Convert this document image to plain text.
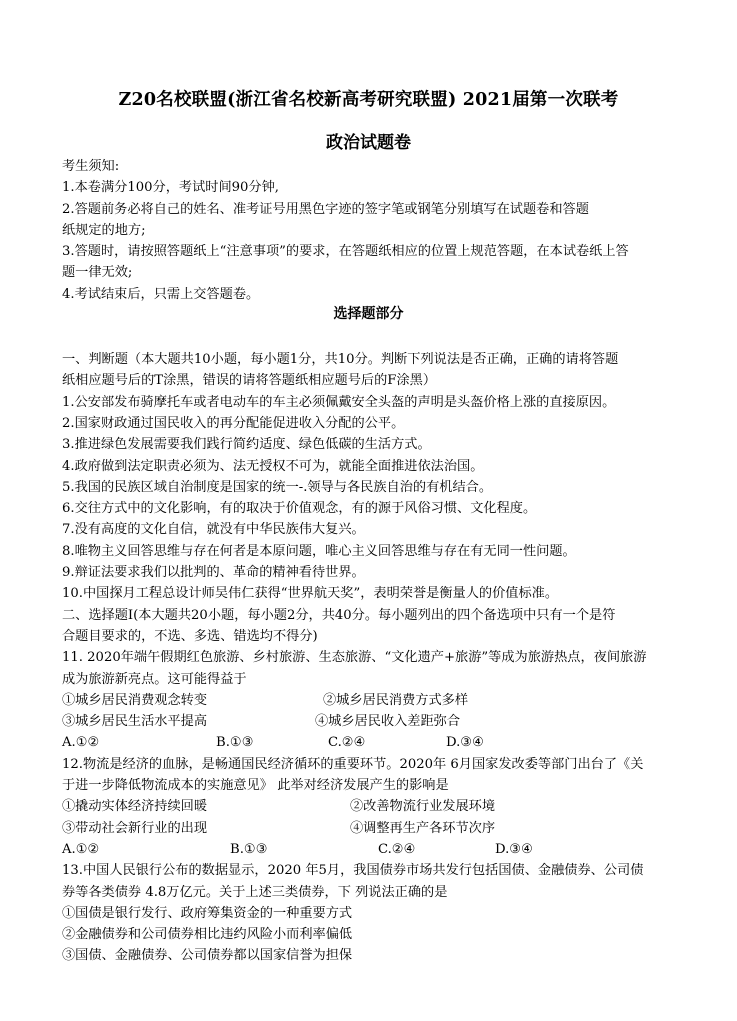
Z20名校联盟(浙江省名校新高考研究联盟) 2021届第一次联考
政治试题卷

考生须知:

1.本卷满分100分，考试时间90分钟,

2.答题前务必将自己的姓名、准考证号用黑色字迹的签字笔或钢笔分别填写在试题卷和答题

纸规定的地方;

3.答题时，请按照答题纸上“注意事项”的要求，在答题纸相应的位置上规范答题，在本试卷纸上答

题一律无效;

4.考试结束后，只需上交答题卷。

一、判断题（本大题共10小题，每小题1分，共10分。判断下列说法是否正确，正确的请将答题

纸相应题号后的T涂黑，错误的请将答题纸相应题号后的F涂黑）

1.公安部发布骑摩托车或者电动车的车主必须佩戴安全头盔的声明是头盔价格上涨的直接原因。

2.国家财政通过国民收入的再分配能促进收入分配的公平。

3.推进绿色发展需要我们践行简约适度、绿色低碳的生活方式。

4.政府做到法定职责必须为、法无授权不可为，就能全面推进依法治国。

5.我国的民族区域自治制度是国家的统一-.领导与各民族自治的有机结合。

6.交往方式中的文化影响，有的取决于价值观念，有的源于风俗习惯、文化程度。

7.没有高度的文化自信，就没有中华民族伟大复兴。

8.唯物主义回答思维与存在何者是本原问题，唯心主义回答思维与存在有无同一性问题。

9.辩证法要求我们以批判的、革命的精神看待世界。

10.中国探月工程总设计师吴伟仁获得“世界航天奖”，表明荣誉是衡量人的价值标准。

二、选择题I(本大题共20小题，每小题2分，共40分。每小题列出的四个备选项中只有一个是符

合题目要求的，不选、多选、错选均不得分)

11. 2020年端午假期红色旅游、乡村旅游、生态旅游、“文化遗产+旅游”等成为旅游热点，夜间旅游

成为旅游新亮点。这可能得益于

①城乡居民消费观念转变	②城乡居民消费方式多样
③城乡居民生活水平提高	④城乡居民收入差距弥合
A.①②	B.①③	C.②④	D.③④

12.物流是经济的血脉，是畅通国民经济循环的重要环节。2020年 6月国家发改委等部门出台了《关

于进一步降低物流成本的实施意见》 此举对经济发展产生的影响是

①撬动实体经济持续回暖	②改善物流行业发展环境
③带动社会新行业的出现	④调整再生产各环节次序
A.①②	B.①③	C.②④	D.③④

13.中国人民银行公布的数据显示，2020 年5月，我国债券市场共发行包括国债、金融债券、公司债

券等各类债券 4.8万亿元。关于上述三类债券，下 列说法正确的是

①国债是银行发行、政府筹集资金的一种重要方式

②金融债券和公司债券相比违约风险小而利率偏低

③国债、金融债券、公司债券都以国家信誉为担保

选择题部分
